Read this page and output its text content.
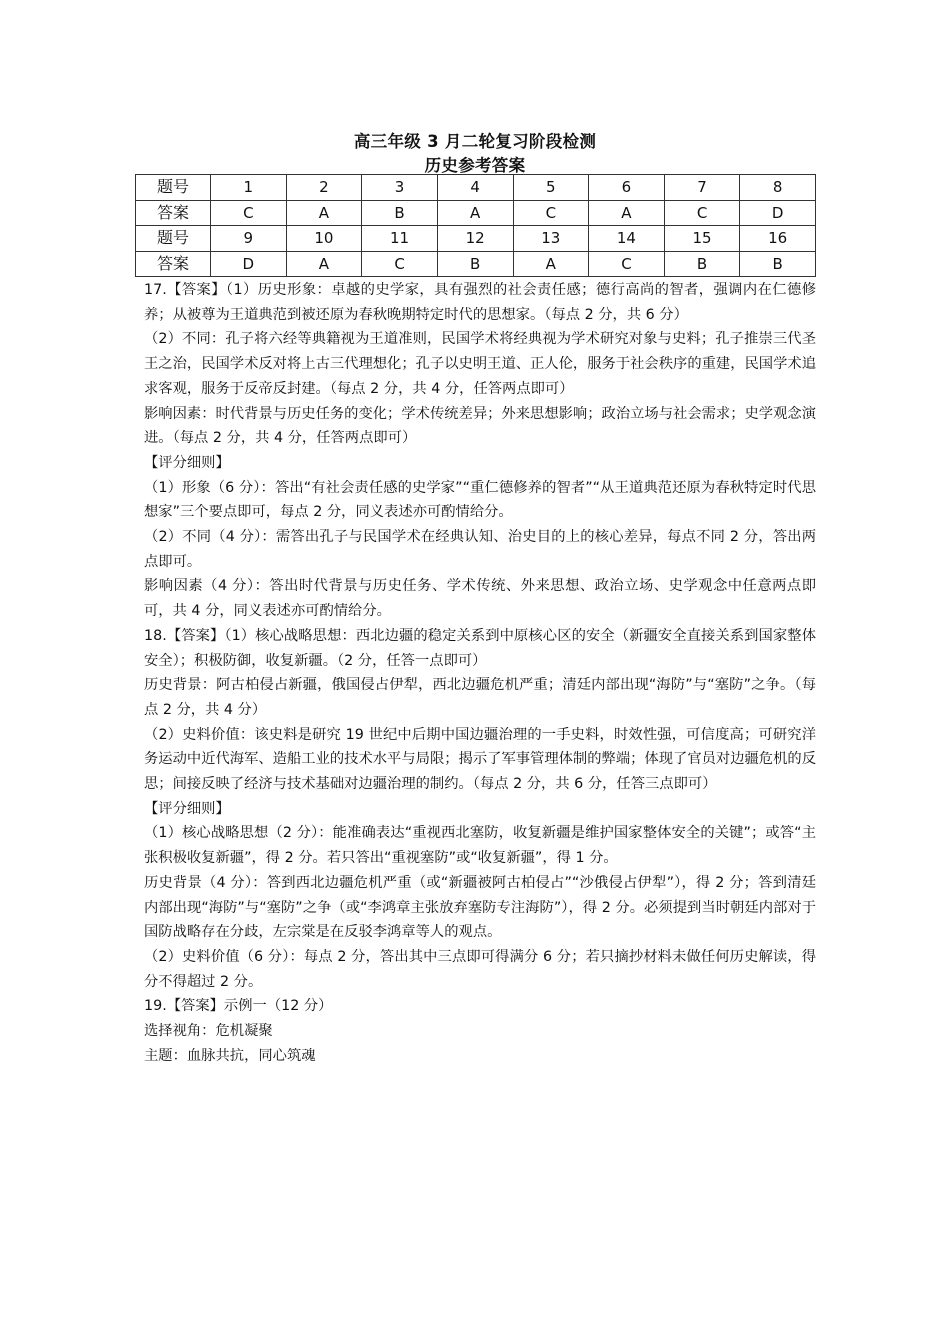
高三年级 3 月二轮复习阶段检测
历史参考答案
题号	1	2	3	4	5	6	7	8
答案	C	A	B	A	C	A	C	D
题号	9	10	11	12	13	14	15	16
答案	D	A	C	B	A	C	B	B

17.【答案】（1）历史形象：卓越的史学家，具有强烈的社会责任感；德行高尚的智者，强调内在仁德修养；从被尊为王道典范到被还原为春秋晚期特定时代的思想家。（每点 2 分，共 6 分）

（2）不同：孔子将六经等典籍视为王道准则，民国学术将经典视为学术研究对象与史料；孔子推崇三代圣王之治，民国学术反对将上古三代理想化；孔子以史明王道、正人伦，服务于社会秩序的重建，民国学术追求客观，服务于反帝反封建。（每点 2 分，共 4 分，任答两点即可）

影响因素：时代背景与历史任务的变化；学术传统差异；外来思想影响；政治立场与社会需求；史学观念演进。（每点 2 分，共 4 分，任答两点即可）

【评分细则】

（1）形象（6 分）：答出“有社会责任感的史学家”“重仁德修养的智者”“从王道典范还原为春秋特定时代思想家”三个要点即可，每点 2 分，同义表述亦可酌情给分。

（2）不同（4 分）：需答出孔子与民国学术在经典认知、治史目的上的核心差异，每点不同 2 分，答出两点即可。

影响因素（4 分）：答出时代背景与历史任务、学术传统、外来思想、政治立场、史学观念中任意两点即可，共 4 分，同义表述亦可酌情给分。

18.【答案】（1）核心战略思想：西北边疆的稳定关系到中原核心区的安全（新疆安全直接关系到国家整体安全）；积极防御，收复新疆。（2 分，任答一点即可）

历史背景：阿古柏侵占新疆，俄国侵占伊犁，西北边疆危机严重；清廷内部出现“海防”与“塞防”之争。（每点 2 分，共 4 分）

（2）史料价值：该史料是研究 19 世纪中后期中国边疆治理的一手史料，时效性强，可信度高；可研究洋务运动中近代海军、造船工业的技术水平与局限；揭示了军事管理体制的弊端；体现了官员对边疆危机的反思；间接反映了经济与技术基础对边疆治理的制约。（每点 2 分，共 6 分，任答三点即可）

【评分细则】

（1）核心战略思想（2 分）：能准确表达“重视西北塞防，收复新疆是维护国家整体安全的关键”；或答“主张积极收复新疆”，得 2 分。若只答出“重视塞防”或“收复新疆”，得 1 分。

历史背景（4 分）：答到西北边疆危机严重（或“新疆被阿古柏侵占”“沙俄侵占伊犁”），得 2 分；答到清廷内部出现“海防”与“塞防”之争（或“李鸿章主张放弃塞防专注海防”），得 2 分。必须提到当时朝廷内部对于国防战略存在分歧，左宗棠是在反驳李鸿章等人的观点。

（2）史料价值（6 分）：每点 2 分，答出其中三点即可得满分 6 分；若只摘抄材料未做任何历史解读，得分不得超过 2 分。

19.【答案】示例一（12 分）

选择视角：危机凝聚

主题：血脉共抗，同心筑魂
